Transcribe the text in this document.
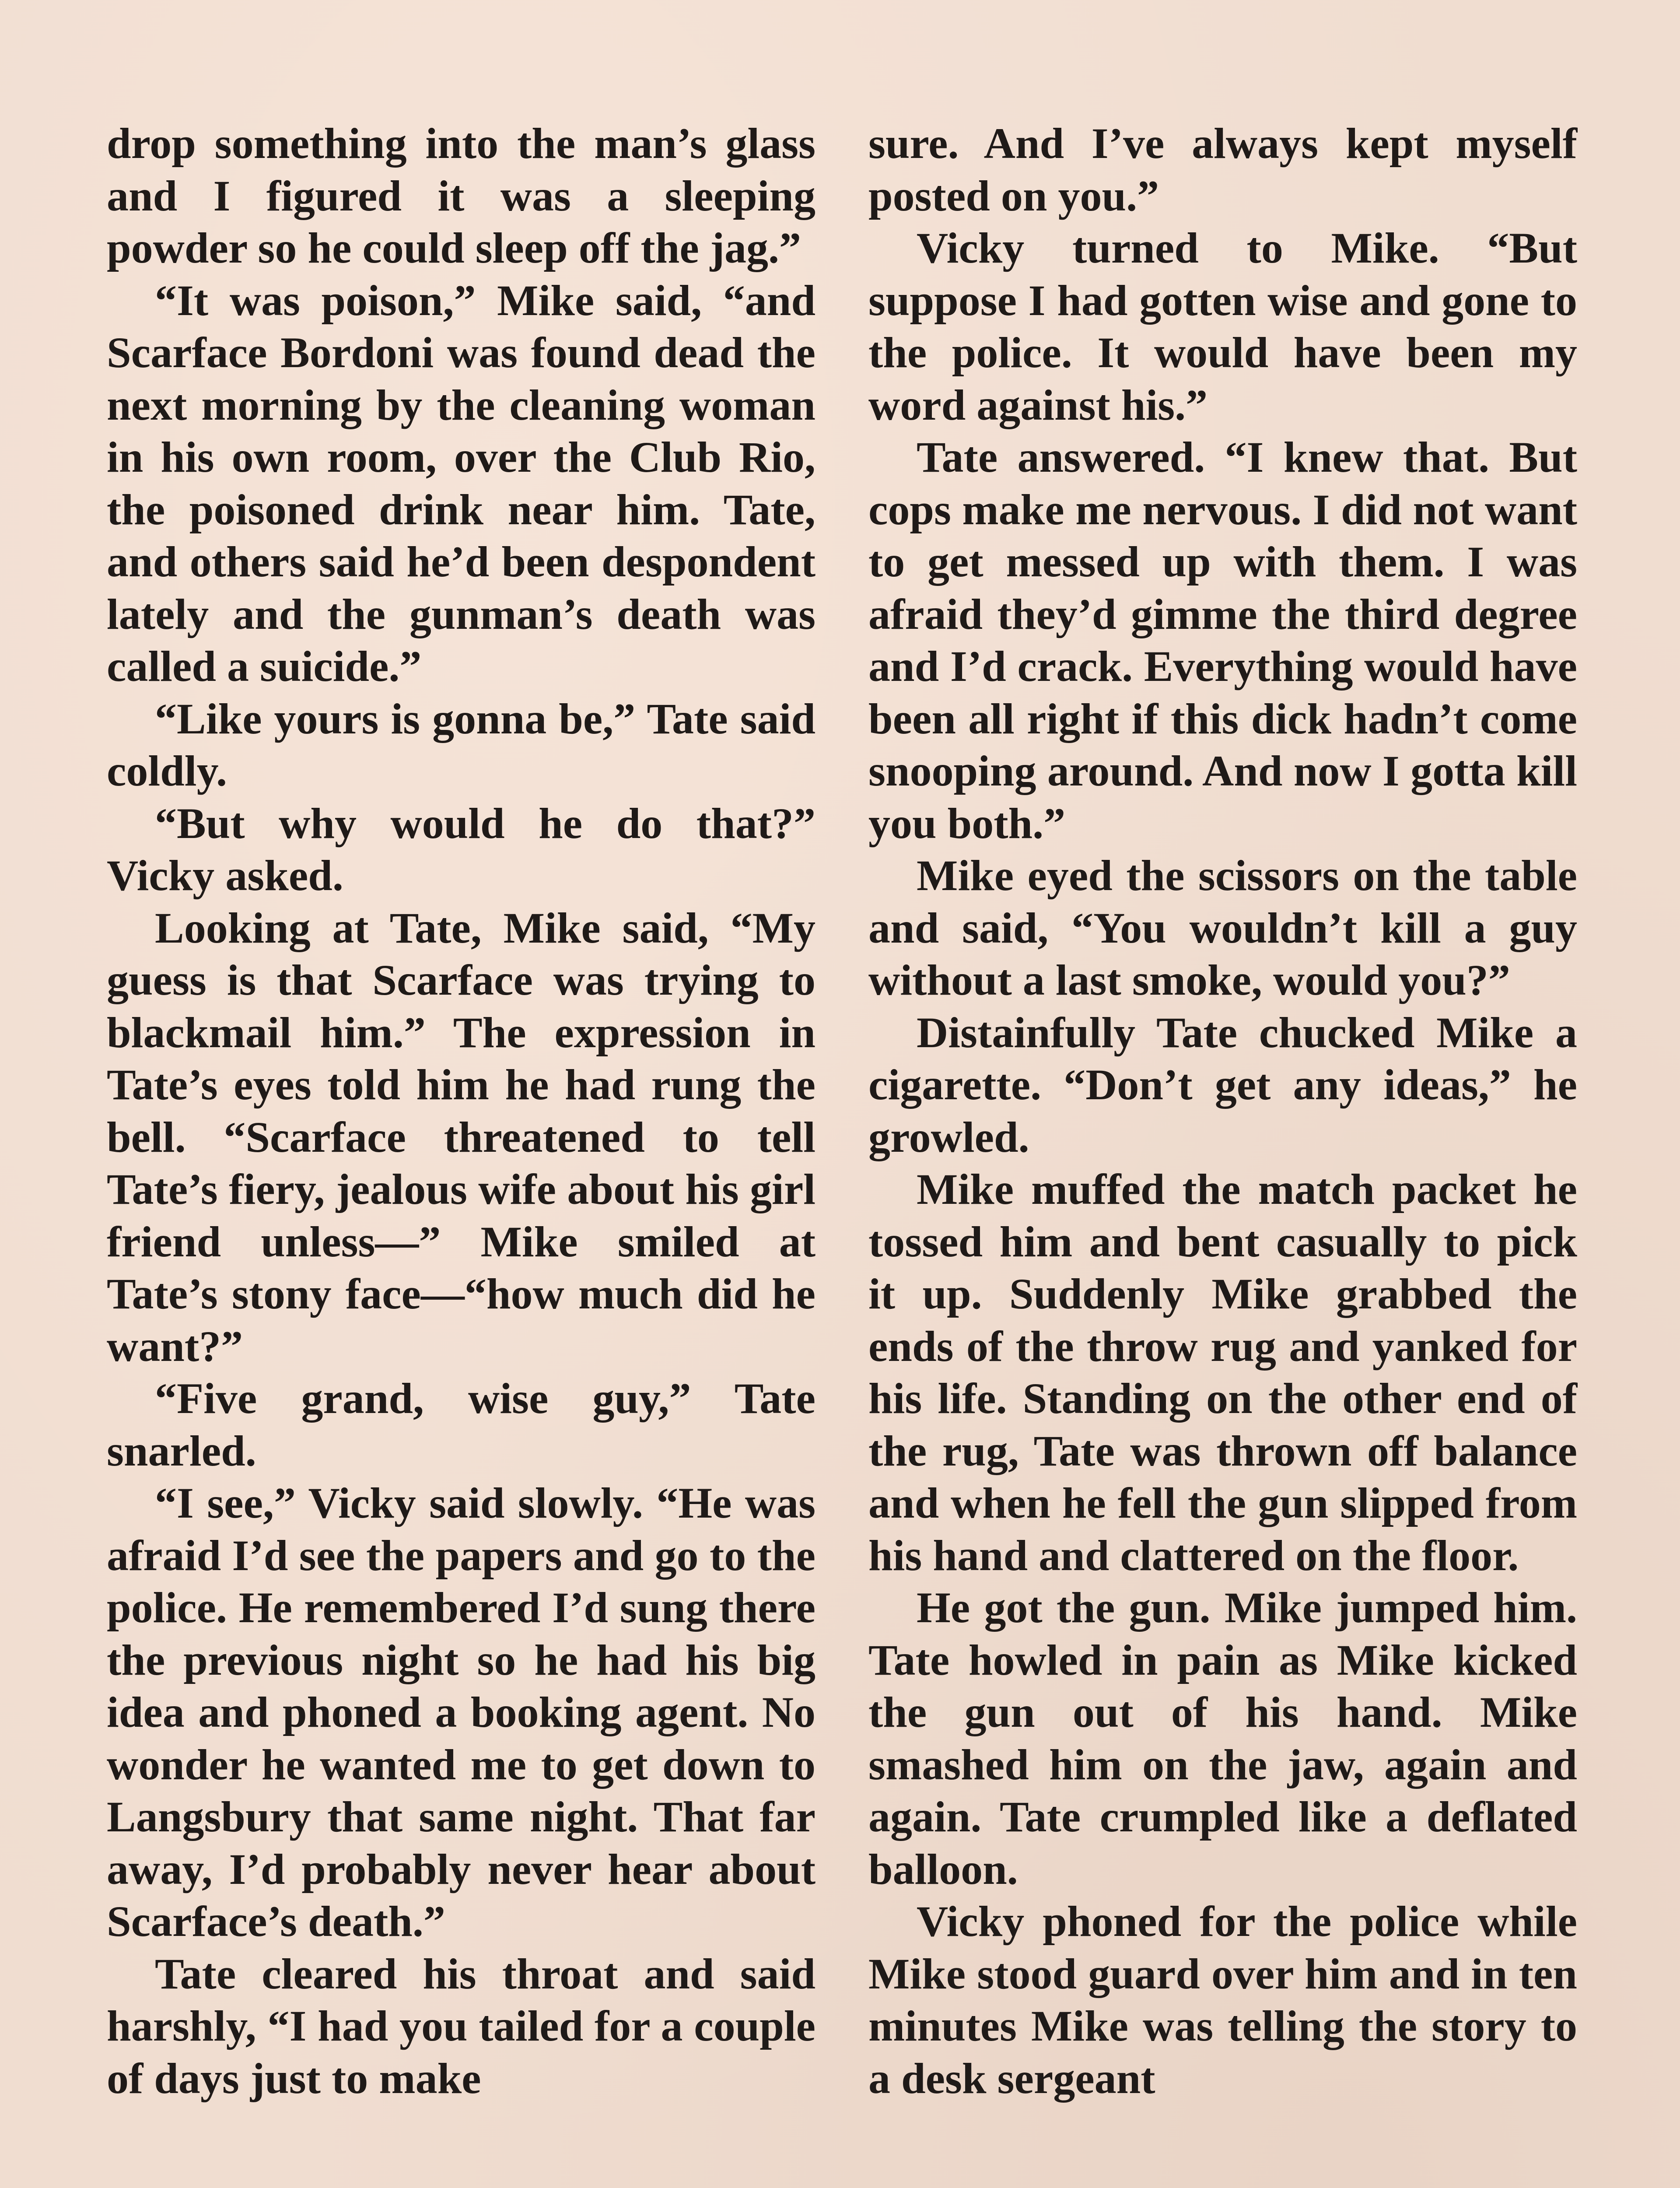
drop something into the man’s glass and I figured it was a sleeping powder so he could sleep off the jag.”

“It was poison,” Mike said, “and Scarface Bordoni was found dead the next morning by the cleaning woman in his own room, over the Club Rio, the poisoned drink near him. Tate, and others said he’d been despondent lately and the gunman’s death was called a suicide.”

“Like yours is gonna be,” Tate said coldly.

“But why would he do that?” Vicky asked.

Looking at Tate, Mike said, “My guess is that Scarface was trying to blackmail him.” The expression in Tate’s eyes told him he had rung the bell. “Scarface threatened to tell Tate’s fiery, jealous wife about his girl friend unless—” Mike smiled at Tate’s stony face—“how much did he want?”

“Five grand, wise guy,” Tate snarled.

“I see,” Vicky said slowly. “He was afraid I’d see the papers and go to the police. He remembered I’d sung there the previous night so he had his big idea and phoned a booking agent. No wonder he wanted me to get down to Langsbury that same night. That far away, I’d probably never hear about Scarface’s death.”

Tate cleared his throat and said harshly, “I had you tailed for a couple of days just to make

sure. And I’ve always kept myself posted on you.”

Vicky turned to Mike. “But suppose I had gotten wise and gone to the police. It would have been my word against his.”

Tate answered. “I knew that. But cops make me nervous. I did not want to get messed up with them. I was afraid they’d gimme the third degree and I’d crack. Everything would have been all right if this dick hadn’t come snooping around. And now I gotta kill you both.”

Mike eyed the scissors on the table and said, “You wouldn’t kill a guy without a last smoke, would you?”

Distainfully Tate chucked Mike a cigarette. “Don’t get any ideas,” he growled.

Mike muffed the match packet he tossed him and bent casually to pick it up. Suddenly Mike grabbed the ends of the throw rug and yanked for his life. Standing on the other end of the rug, Tate was thrown off balance and when he fell the gun slipped from his hand and clattered on the floor.

He got the gun. Mike jumped him. Tate howled in pain as Mike kicked the gun out of his hand. Mike smashed him on the jaw, again and again. Tate crumpled like a deflated balloon.

Vicky phoned for the police while Mike stood guard over him and in ten minutes Mike was telling the story to a desk sergeant
